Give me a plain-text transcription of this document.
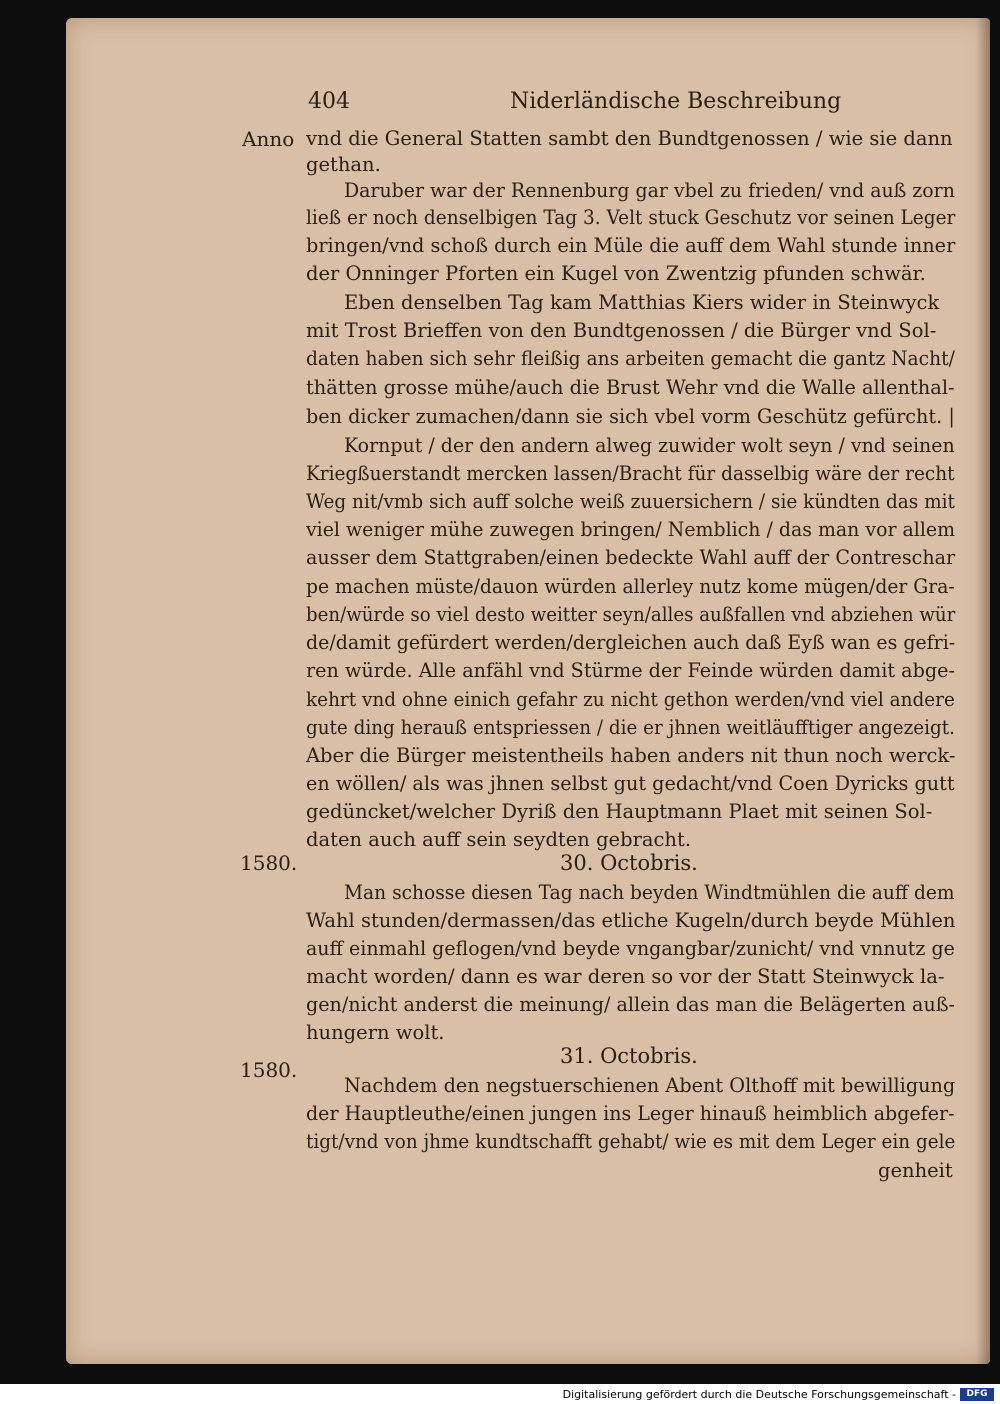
404	Niderländische Beschreibung
Anno
1580.
1580.
30. Octobris.
31. Octobris.
vnd die General Statten sambt den Bundtgenossen / wie sie dann
gethan.
Daruber war der Rennenburg gar vbel zu frieden/ vnd auß zorn
ließ er noch denselbigen Tag 3. Velt stuck Geschutz vor seinen Leger
bringen/vnd schoß durch ein Müle die auff dem Wahl stunde inner
der Onninger Pforten ein Kugel von Zwentzig pfunden schwär.
Eben denselben Tag kam Matthias Kiers wider in Steinwyck
mit Trost Brieffen von den Bundtgenossen / die Bürger vnd Sol-
daten haben sich sehr fleißig ans arbeiten gemacht die gantz Nacht/
thätten grosse mühe/auch die Brust Wehr vnd die Walle allenthal-
ben dicker zumachen/dann sie sich vbel vorm Geschütz gefürcht. |
Kornput / der den andern alweg zuwider wolt seyn / vnd seinen
Kriegßuerstandt mercken lassen/Bracht für dasselbig wäre der recht
Weg nit/vmb sich auff solche weiß zuuersichern / sie kündten das mit
viel weniger mühe zuwegen bringen/ Nemblich / das man vor allem
ausser dem Stattgraben/einen bedeckte Wahl auff der Contreschar
pe machen müste/dauon würden allerley nutz kome mügen/der Gra-
ben/würde so viel desto weitter seyn/alles außfallen vnd abziehen wür
de/damit gefürdert werden/dergleichen auch daß Eyß wan es gefri-
ren würde. Alle anfähl vnd Stürme der Feinde würden damit abge-
kehrt vnd ohne einich gefahr zu nicht gethon werden/vnd viel andere
gute ding herauß entspriessen / die er jhnen weitläufftiger angezeigt.
Aber die Bürger meistentheils haben anders nit thun noch werck-
en wöllen/ als was jhnen selbst gut gedacht/vnd Coen Dyricks gutt
gedüncket/welcher Dyriß den Hauptmann Plaet mit seinen Sol-
daten auch auff sein seydten gebracht.
Man schosse diesen Tag nach beyden Windtmühlen die auff dem
Wahl stunden/dermassen/das etliche Kugeln/durch beyde Mühlen
auff einmahl geflogen/vnd beyde vngangbar/zunicht/ vnd vnnutz ge
macht worden/ dann es war deren so vor der Statt Steinwyck la-
gen/nicht anderst die meinung/ allein das man die Belägerten auß-
hungern wolt.
Nachdem den negstuerschienen Abent Olthoff mit bewilligung
der Hauptleuthe/einen jungen ins Leger hinauß heimblich abgefer-
tigt/vnd von jhme kundtschafft gehabt/ wie es mit dem Leger ein gele
genheit
Digitalisierung gefördert durch die Deutsche Forschungsgemeinschaft -	DFG
